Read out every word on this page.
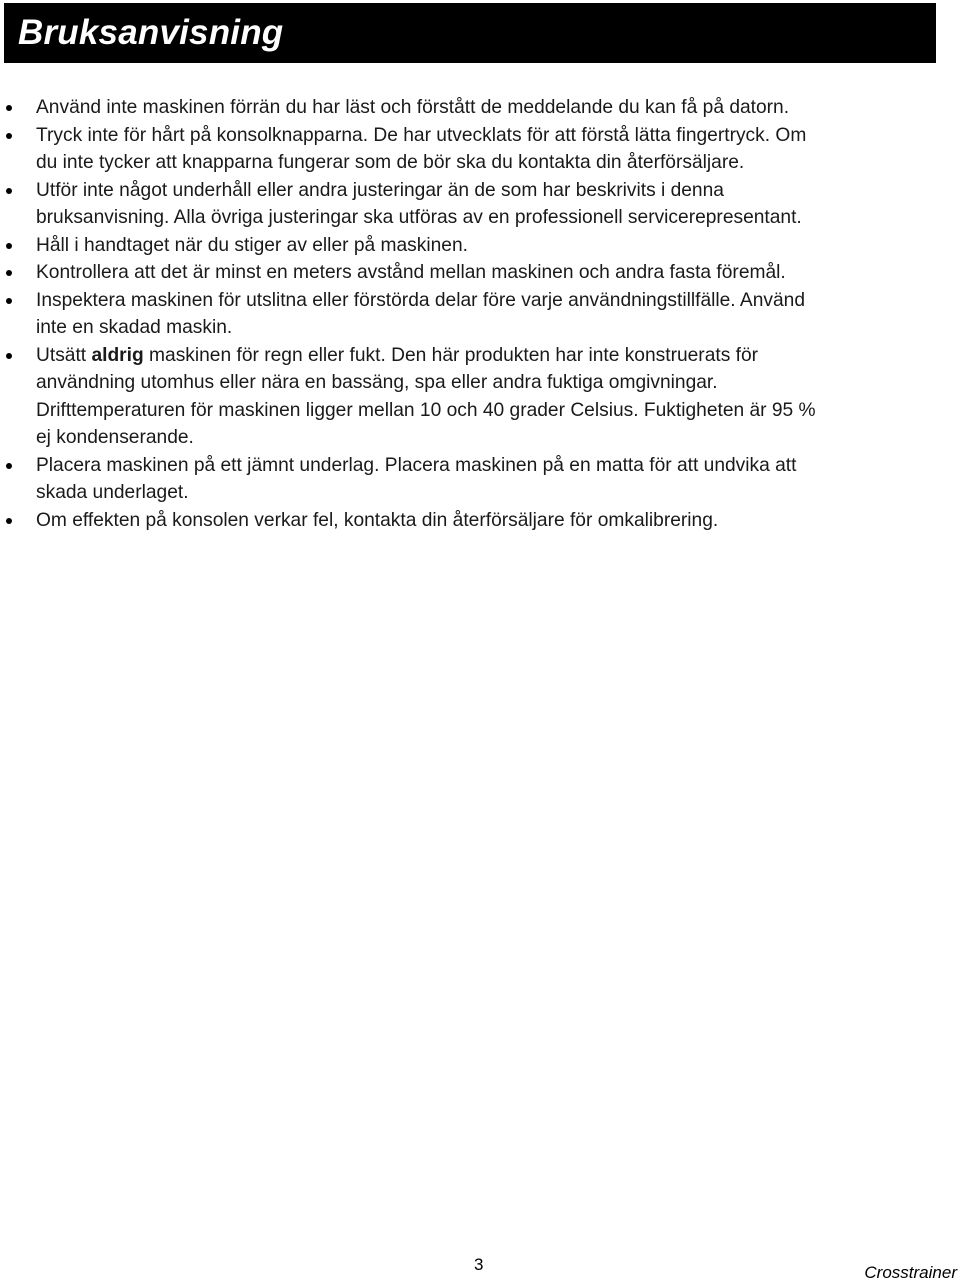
Bruksanvisning
Använd inte maskinen förrän du har läst och förstått de meddelande du kan få på datorn.
Tryck inte för hårt på konsolknapparna. De har utvecklats för att förstå lätta fingertryck. Om
du inte tycker att knapparna fungerar som de bör ska du kontakta din återförsäljare.
Utför inte något underhåll eller andra justeringar än de som har beskrivits i denna
bruksanvisning. Alla övriga justeringar ska utföras av en professionell servicerepresentant.
Håll i handtaget när du stiger av eller på maskinen.
Kontrollera att det är minst en meters avstånd mellan maskinen och andra fasta föremål.
Inspektera maskinen för utslitna eller förstörda delar före varje användningstillfälle. Använd
inte en skadad maskin.
Utsätt aldrig maskinen för regn eller fukt. Den här produkten har inte konstruerats för
användning utomhus eller nära en bassäng, spa eller andra fuktiga omgivningar.
Drifttemperaturen för maskinen ligger mellan 10 och 40 grader Celsius. Fuktigheten är 95 %
ej kondenserande.
Placera maskinen på ett jämnt underlag. Placera maskinen på en matta för att undvika att
skada underlaget.
Om effekten på konsolen verkar fel, kontakta din återförsäljare för omkalibrering.
3	Crosstrainer
